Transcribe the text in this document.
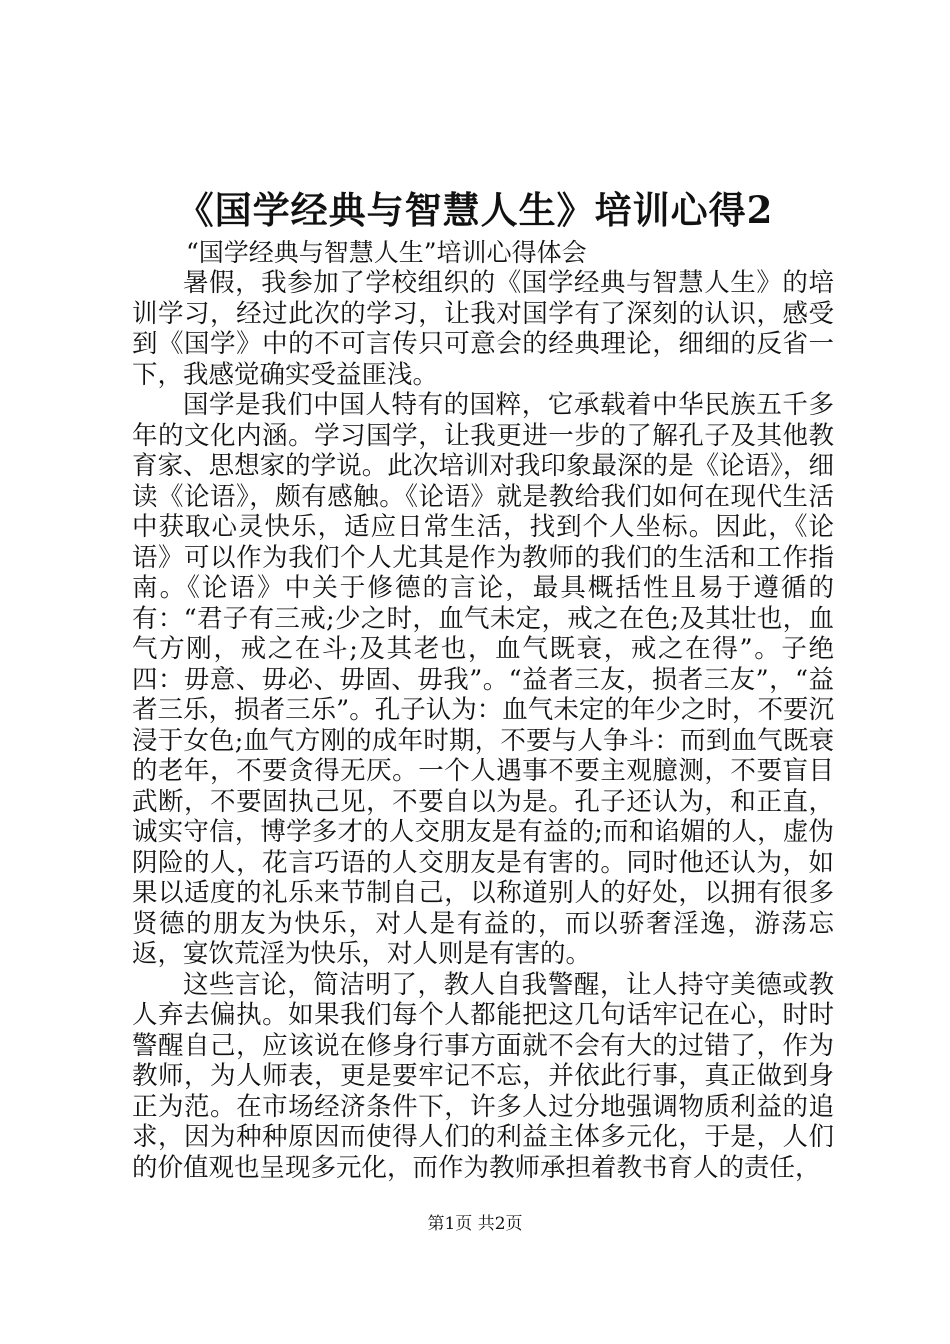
《国学经典与智慧人生》培训心得2
“国学经典与智慧人生”培训心得体会

暑假，我参加了学校组织的《国学经典与智慧人生》的培训学习，经过此次的学习，让我对国学有了深刻的认识，感受到《国学》中的不可言传只可意会的经典理论，细细的反省一下，我感觉确实受益匪浅。

国学是我们中国人特有的国粹，它承载着中华民族五千多年的文化内涵。学习国学，让我更进一步的了解孔子及其他教育家、思想家的学说。此次培训对我印象最深的是《论语》，细读《论语》，颇有感触。《论语》就是教给我们如何在现代生活中获取心灵快乐，适应日常生活，找到个人坐标。因此，《论语》可以作为我们个人尤其是作为教师的我们的生活和工作指南。《论语》中关于修德的言论，最具概括性且易于遵循的有：“君子有三戒;少之时，血气未定，戒之在色;及其壮也，血气方刚，戒之在斗;及其老也，血气既衰，戒之在得”。子绝四：毋意、毋必、毋固、毋我”。“益者三友，损者三友”，“益者三乐，损者三乐”。孔子认为：血气未定的年少之时，不要沉浸于女色;血气方刚的成年时期，不要与人争斗：而到血气既衰的老年，不要贪得无厌。一个人遇事不要主观臆测，不要盲目武断，不要固执己见，不要自以为是。孔子还认为，和正直，诚实守信，博学多才的人交朋友是有益的;而和谄媚的人，虚伪阴险的人，花言巧语的人交朋友是有害的。同时他还认为，如果以适度的礼乐来节制自己，以称道别人的好处，以拥有很多贤德的朋友为快乐，对人是有益的，而以骄奢淫逸，游荡忘返，宴饮荒淫为快乐，对人则是有害的。

这些言论，简洁明了，教人自我警醒，让人持守美德或教人弃去偏执。如果我们每个人都能把这几句话牢记在心，时时警醒自己，应该说在修身行事方面就不会有大的过错了，作为教师，为人师表，更是要牢记不忘，并依此行事，真正做到身正为范。在市场经济条件下，许多人过分地强调物质利益的追求，因为种种原因而使得人们的利益主体多元化，于是，人们的价值观也呈现多元化，而作为教师承担着教书育人的责任，

第1页 共2页
